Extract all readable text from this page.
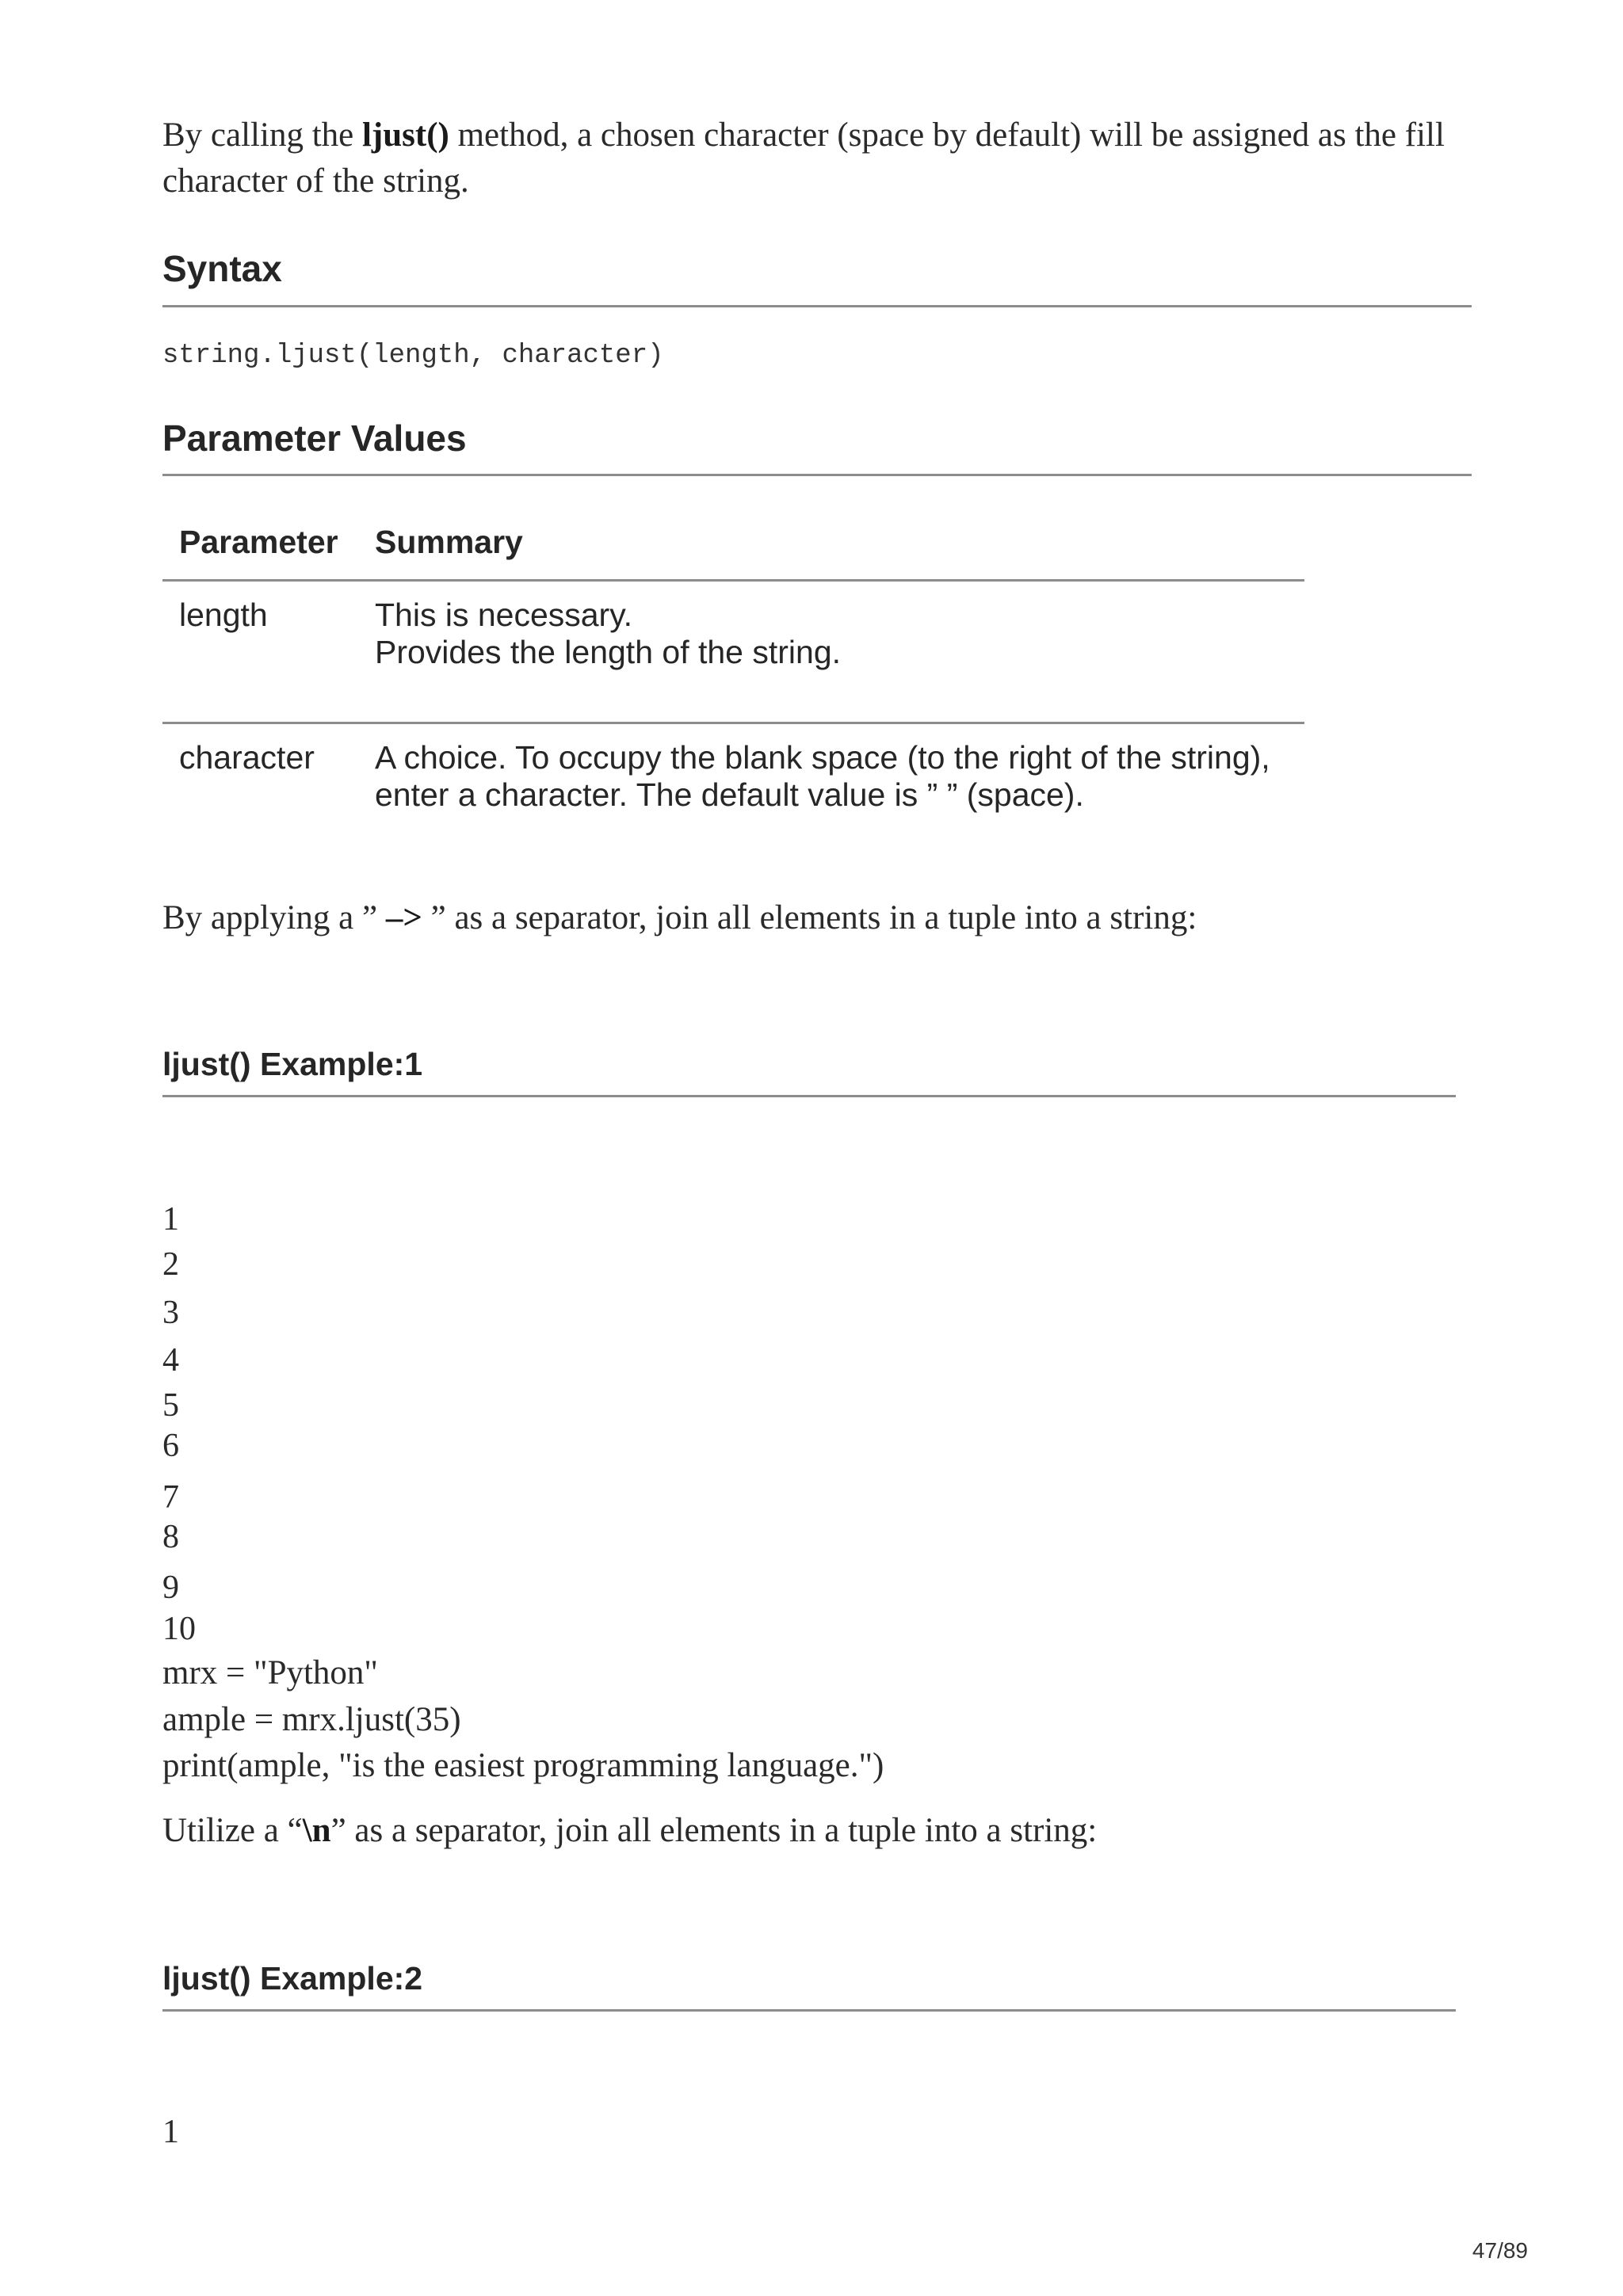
By calling the ljust() method, a chosen character (space by default) will be assigned as the fill character of the string.
Syntax
string.ljust(length, character)
Parameter Values
Parameter Summary
length	This is necessary.
Provides the length of the string.
character A choice. To occupy the blank space (to the right of the string),
enter a character. The default value is ” ” (space).
By applying a ” –> ” as a separator, join all elements in a tuple into a string:
ljust() Example:1
1
2
3
4
5
6
7
8
9
10
mrx = "Python"
ample = mrx.ljust(35)
print(ample, "is the easiest programming language.")
Utilize a “\n” as a separator, join all elements in a tuple into a string:
ljust() Example:2
1
47/89
